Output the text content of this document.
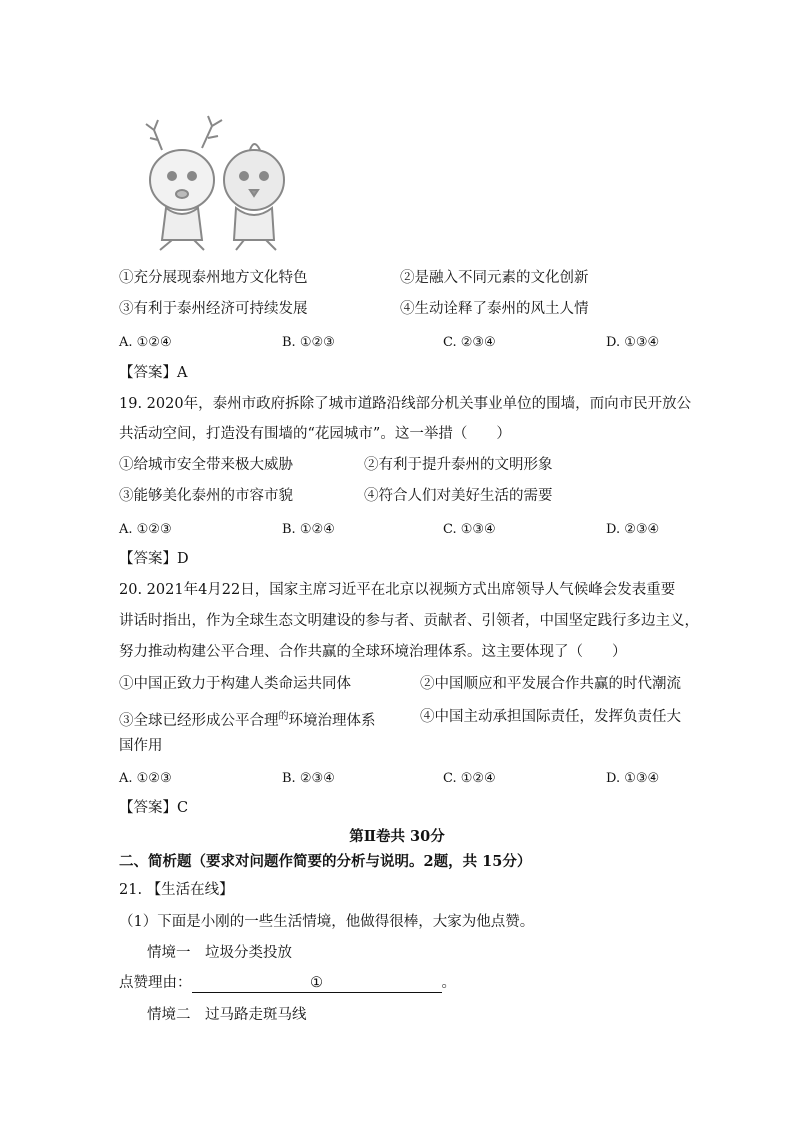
①充分展现泰州地方文化特色	②是融入不同元素的文化创新
③有利于泰州经济可持续发展	④生动诠释了泰州的风土人情
A. ①②④	B. ①②③	C. ②③④	D. ①③④
【答案】A
19. 2020年，泰州市政府拆除了城市道路沿线部分机关事业单位的围墙，而向市民开放公
共活动空间，打造没有围墙的“花园城市”。这一举措（　　）
①给城市安全带来极大威胁	②有利于提升泰州的文明形象
③能够美化泰州的市容市貌	④符合人们对美好生活的需要
A. ①②③	B. ①②④	C. ①③④	D. ②③④
【答案】D
20. 2021年4月22日，国家主席习近平在北京以视频方式出席领导人气候峰会发表重要
讲话时指出，作为全球生态文明建设的参与者、贡献者、引领者，中国坚定践行多边主义，
努力推动构建公平合理、合作共赢的全球环境治理体系。这主要体现了（　　）
①中国正致力于构建人类命运共同体	②中国顺应和平发展合作共赢的时代潮流
③全球已经形成公平合理$^的$环境治理体系	④中国主动承担国际责任，发挥负责任大
国作用
A. ①②③	B. ②③④	C. ①②④	D. ①③④
【答案】C
第Ⅱ卷共 30分
二、简析题（要求对问题作简要的分析与说明。2题，共 15分）
21. 【生活在线】
（1）下面是小刚的一些生活情境，他做得很棒，大家为他点赞。
情境一　垃圾分类投放
点赞理由：	①	。
情境二　过马路走斑马线
